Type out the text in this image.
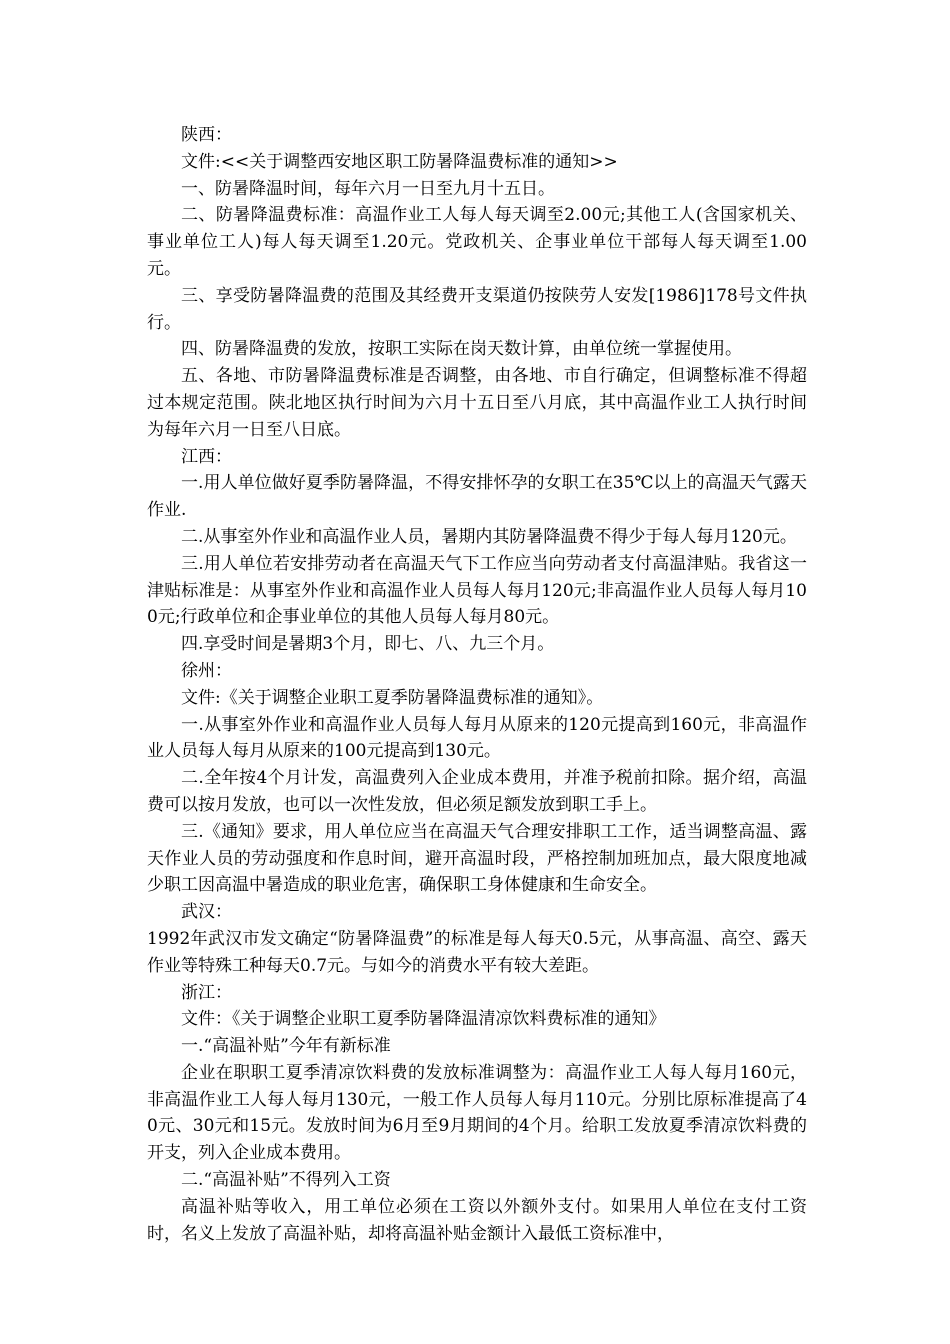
陕西：

文件:<<关于调整西安地区职工防暑降温费标准的通知>>

一、防暑降温时间，每年六月一日至九月十五日。

二、防暑降温费标准：高温作业工人每人每天调至2.00元;其他工人(含国家机关、事业单位工人)每人每天调至1.20元。党政机关、企事业单位干部每人每天调至1.00元。

三、享受防暑降温费的范围及其经费开支渠道仍按陕劳人安发[1986]178号文件执行。

四、防暑降温费的发放，按职工实际在岗天数计算，由单位统一掌握使用。

五、各地、市防暑降温费标准是否调整，由各地、市自行确定，但调整标准不得超过本规定范围。陕北地区执行时间为六月十五日至八月底，其中高温作业工人执行时间为每年六月一日至八日底。

江西：

一.用人单位做好夏季防暑降温，不得安排怀孕的女职工在35℃以上的高温天气露天作业.

二.从事室外作业和高温作业人员，暑期内其防暑降温费不得少于每人每月120元。

三.用人单位若安排劳动者在高温天气下工作应当向劳动者支付高温津贴。我省这一津贴标准是：从事室外作业和高温作业人员每人每月120元;非高温作业人员每人每月100元;行政单位和企事业单位的其他人员每人每月80元。

四.享受时间是暑期3个月，即七、八、九三个月。

徐州：

文件:《关于调整企业职工夏季防暑降温费标准的通知》。

一.从事室外作业和高温作业人员每人每月从原来的120元提高到160元，非高温作业人员每人每月从原来的100元提高到130元。

二.全年按4个月计发，高温费列入企业成本费用，并准予税前扣除。据介绍，高温费可以按月发放，也可以一次性发放，但必须足额发放到职工手上。

三.《通知》要求，用人单位应当在高温天气合理安排职工工作，适当调整高温、露天作业人员的劳动强度和作息时间，避开高温时段，严格控制加班加点，最大限度地减少职工因高温中暑造成的职业危害，确保职工身体健康和生命安全。

武汉：

1992年武汉市发文确定“防暑降温费”的标准是每人每天0.5元，从事高温、高空、露天作业等特殊工种每天0.7元。与如今的消费水平有较大差距。

浙江：

文件：《关于调整企业职工夏季防暑降温清凉饮料费标准的通知》

一.“高温补贴”今年有新标准

企业在职职工夏季清凉饮料费的发放标准调整为：高温作业工人每人每月160元，非高温作业工人每人每月130元，一般工作人员每人每月110元。分别比原标准提高了40元、30元和15元。发放时间为6月至9月期间的4个月。给职工发放夏季清凉饮料费的开支，列入企业成本费用。

二.“高温补贴”不得列入工资

高温补贴等收入，用工单位必须在工资以外额外支付。如果用人单位在支付工资时，名义上发放了高温补贴，却将高温补贴金额计入最低工资标准中，
